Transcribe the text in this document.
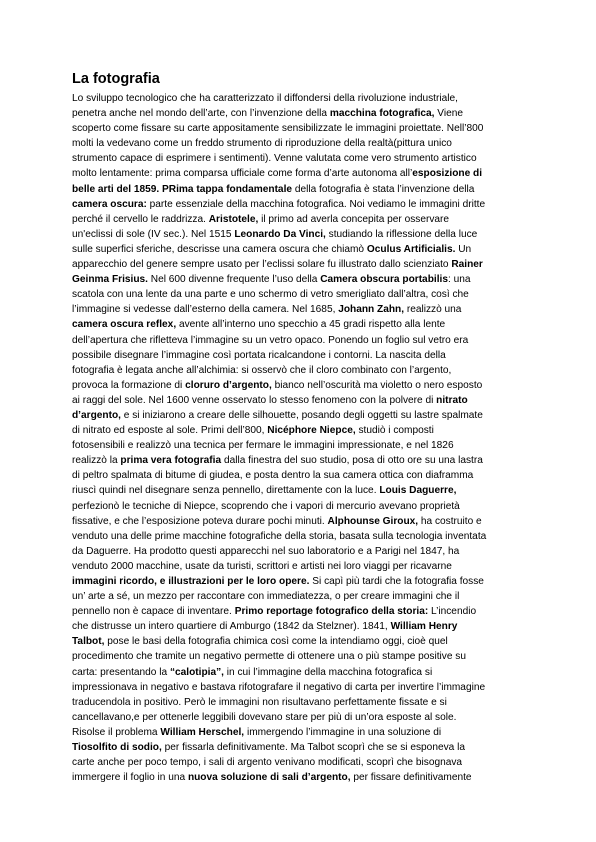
La fotografia

Lo sviluppo tecnologico che ha caratterizzato il diffondersi della rivoluzione industriale,
penetra anche nel mondo dell’arte, con l’invenzione della macchina fotografica, Viene
scoperto come fissare su carte appositamente sensibilizzate le immagini proiettate. Nell’800
molti la vedevano come un freddo strumento di riproduzione della realtà(pittura unico
strumento capace di esprimere i sentimenti). Venne valutata come vero strumento artistico
molto lentamente: prima comparsa ufficiale come forma d’arte autonoma all’esposizione di
belle arti del 1859. PRima tappa fondamentale della fotografia è stata l’invenzione della
camera oscura: parte essenziale della macchina fotografica. Noi vediamo le immagini dritte
perché il cervello le raddrizza. Aristotele, il primo ad averla concepita per osservare
un'eclissi di sole (IV sec.). Nel 1515 Leonardo Da Vinci, studiando la riflessione della luce
sulle superfici sferiche, descrisse una camera oscura che chiamò Oculus Artificialis. Un
apparecchio del genere sempre usato per l’eclissi solare fu illustrato dallo scienziato Rainer
Geinma Frisius. Nel 600 divenne frequente l’uso della Camera obscura portabilis: una
scatola con una lente da una parte e uno schermo di vetro smerigliato dall’altra, così che
l’immagine si vedesse dall’esterno della camera. Nel 1685, Johann Zahn, realizzò una
camera oscura reflex, avente all’interno uno specchio a 45 gradi rispetto alla lente
dell’apertura che rifletteva l’immagine su un vetro opaco. Ponendo un foglio sul vetro era
possibile disegnare l’immagine così portata ricalcandone i contorni. La nascita della
fotografia è legata anche all’alchimia: si osservò che il cloro combinato con l’argento,
provoca la formazione di cloruro d’argento, bianco nell’oscurità ma violetto o nero esposto
ai raggi del sole. Nel 1600 venne osservato lo stesso fenomeno con la polvere di nitrato
d’argento, e si iniziarono a creare delle silhouette, posando degli oggetti su lastre spalmate
di nitrato ed esposte al sole. Primi dell’800, Nicéphore Niepce, studiò i composti
fotosensibili e realizzò una tecnica per fermare le immagini impressionate, e nel 1826
realizzò la prima vera fotografia dalla finestra del suo studio, posa di otto ore su una lastra
di peltro spalmata di bitume di giudea, e posta dentro la sua camera ottica con diaframma
riuscì quindi nel disegnare senza pennello, direttamente con la luce. Louis Daguerre,
perfezionò le tecniche di Niepce, scoprendo che i vapori di mercurio avevano proprietà
fissative, e che l’esposizione poteva durare pochi minuti. Alphounse Giroux, ha costruito e
venduto una delle prime macchine fotografiche della storia, basata sulla tecnologia inventata
da Daguerre. Ha prodotto questi apparecchi nel suo laboratorio e a Parigi nel 1847, ha
venduto 2000 macchine, usate da turisti, scrittori e artisti nei loro viaggi per ricavarne
immagini ricordo, e illustrazioni per le loro opere. Si capì più tardi che la fotografia fosse
un’ arte a sé, un mezzo per raccontare con immediatezza, o per creare immagini che il
pennello non è capace di inventare. Primo reportage fotografico della storia: L’incendio
che distrusse un intero quartiere di Amburgo (1842 da Stelzner). 1841, William Henry
Talbot, pose le basi della fotografia chimica così come la intendiamo oggi, cioè quel
procedimento che tramite un negativo permette di ottenere una o più stampe positive su
carta: presentando la “calotipia”, in cui l’immagine della macchina fotografica si
impressionava in negativo e bastava rifotografare il negativo di carta per invertire l’immagine
traducendola in positivo. Però le immagini non risultavano perfettamente fissate e si
cancellavano,e per ottenerle leggibili dovevano stare per più di un’ora esposte al sole.
Risolse il problema William Herschel, immergendo l’immagine in una soluzione di
Tiosolfito di sodio, per fissarla definitivamente. Ma Talbot scoprì che se si esponeva la
carte anche per poco tempo, i sali di argento venivano modificati, scoprì che bisognava
immergere il foglio in una nuova soluzione di sali d’argento, per fissare definitivamente
